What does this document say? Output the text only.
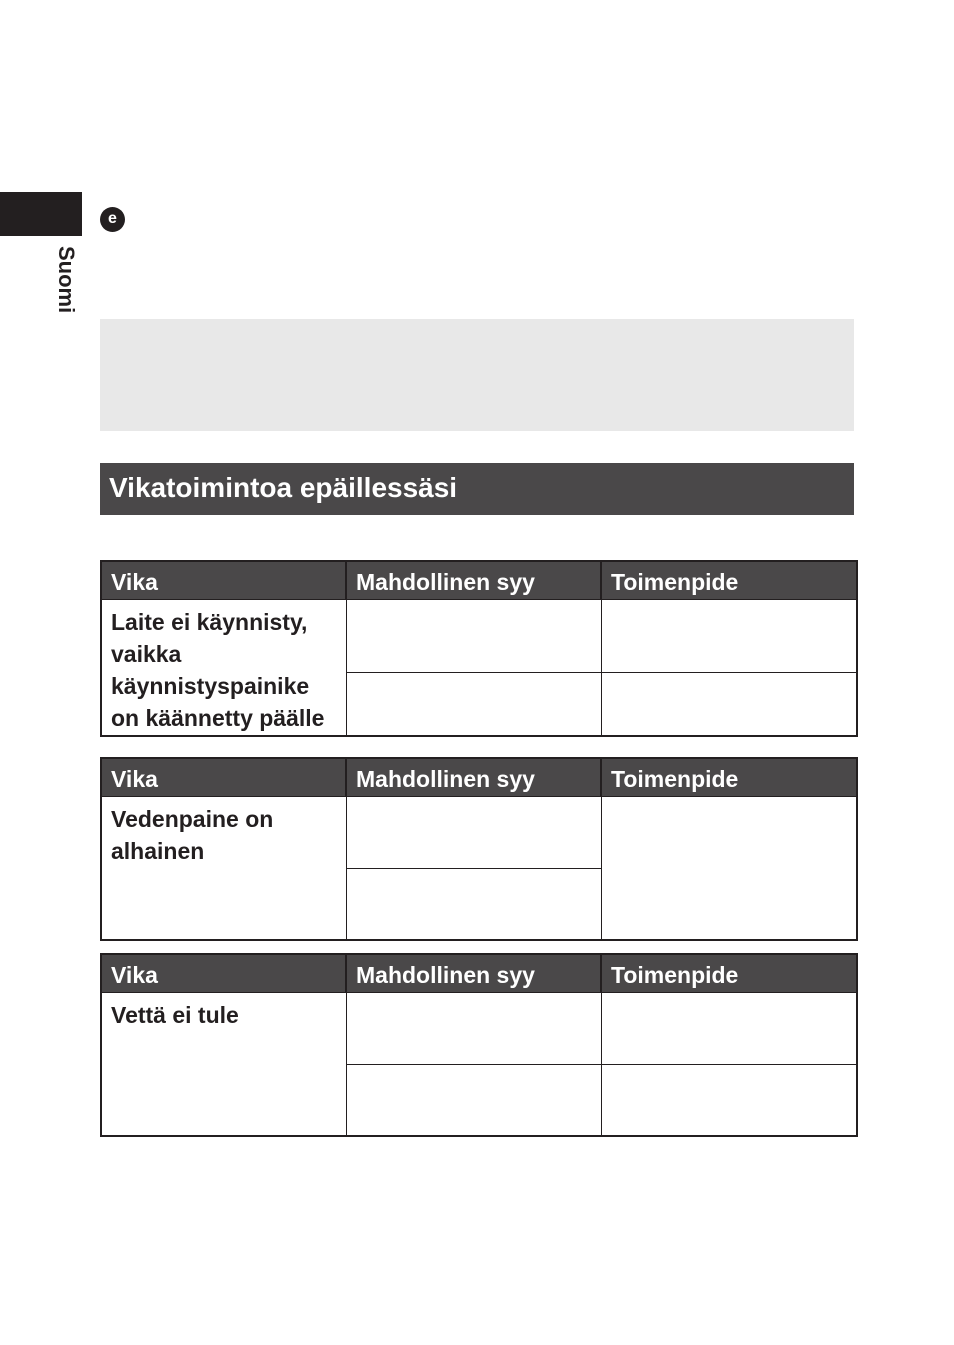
Suomi
e
Vikatoimintoa epäillessäsi
Vika	Mahdollinen syy	Toimenpide
Laite ei käynnisty, vaikka käynnistyspainike on käännetty päälle		

Vika	Mahdollinen syy	Toimenpide
Vedenpaine on alhainen		

Vika	Mahdollinen syy	Toimenpide
Vettä ei tule		
